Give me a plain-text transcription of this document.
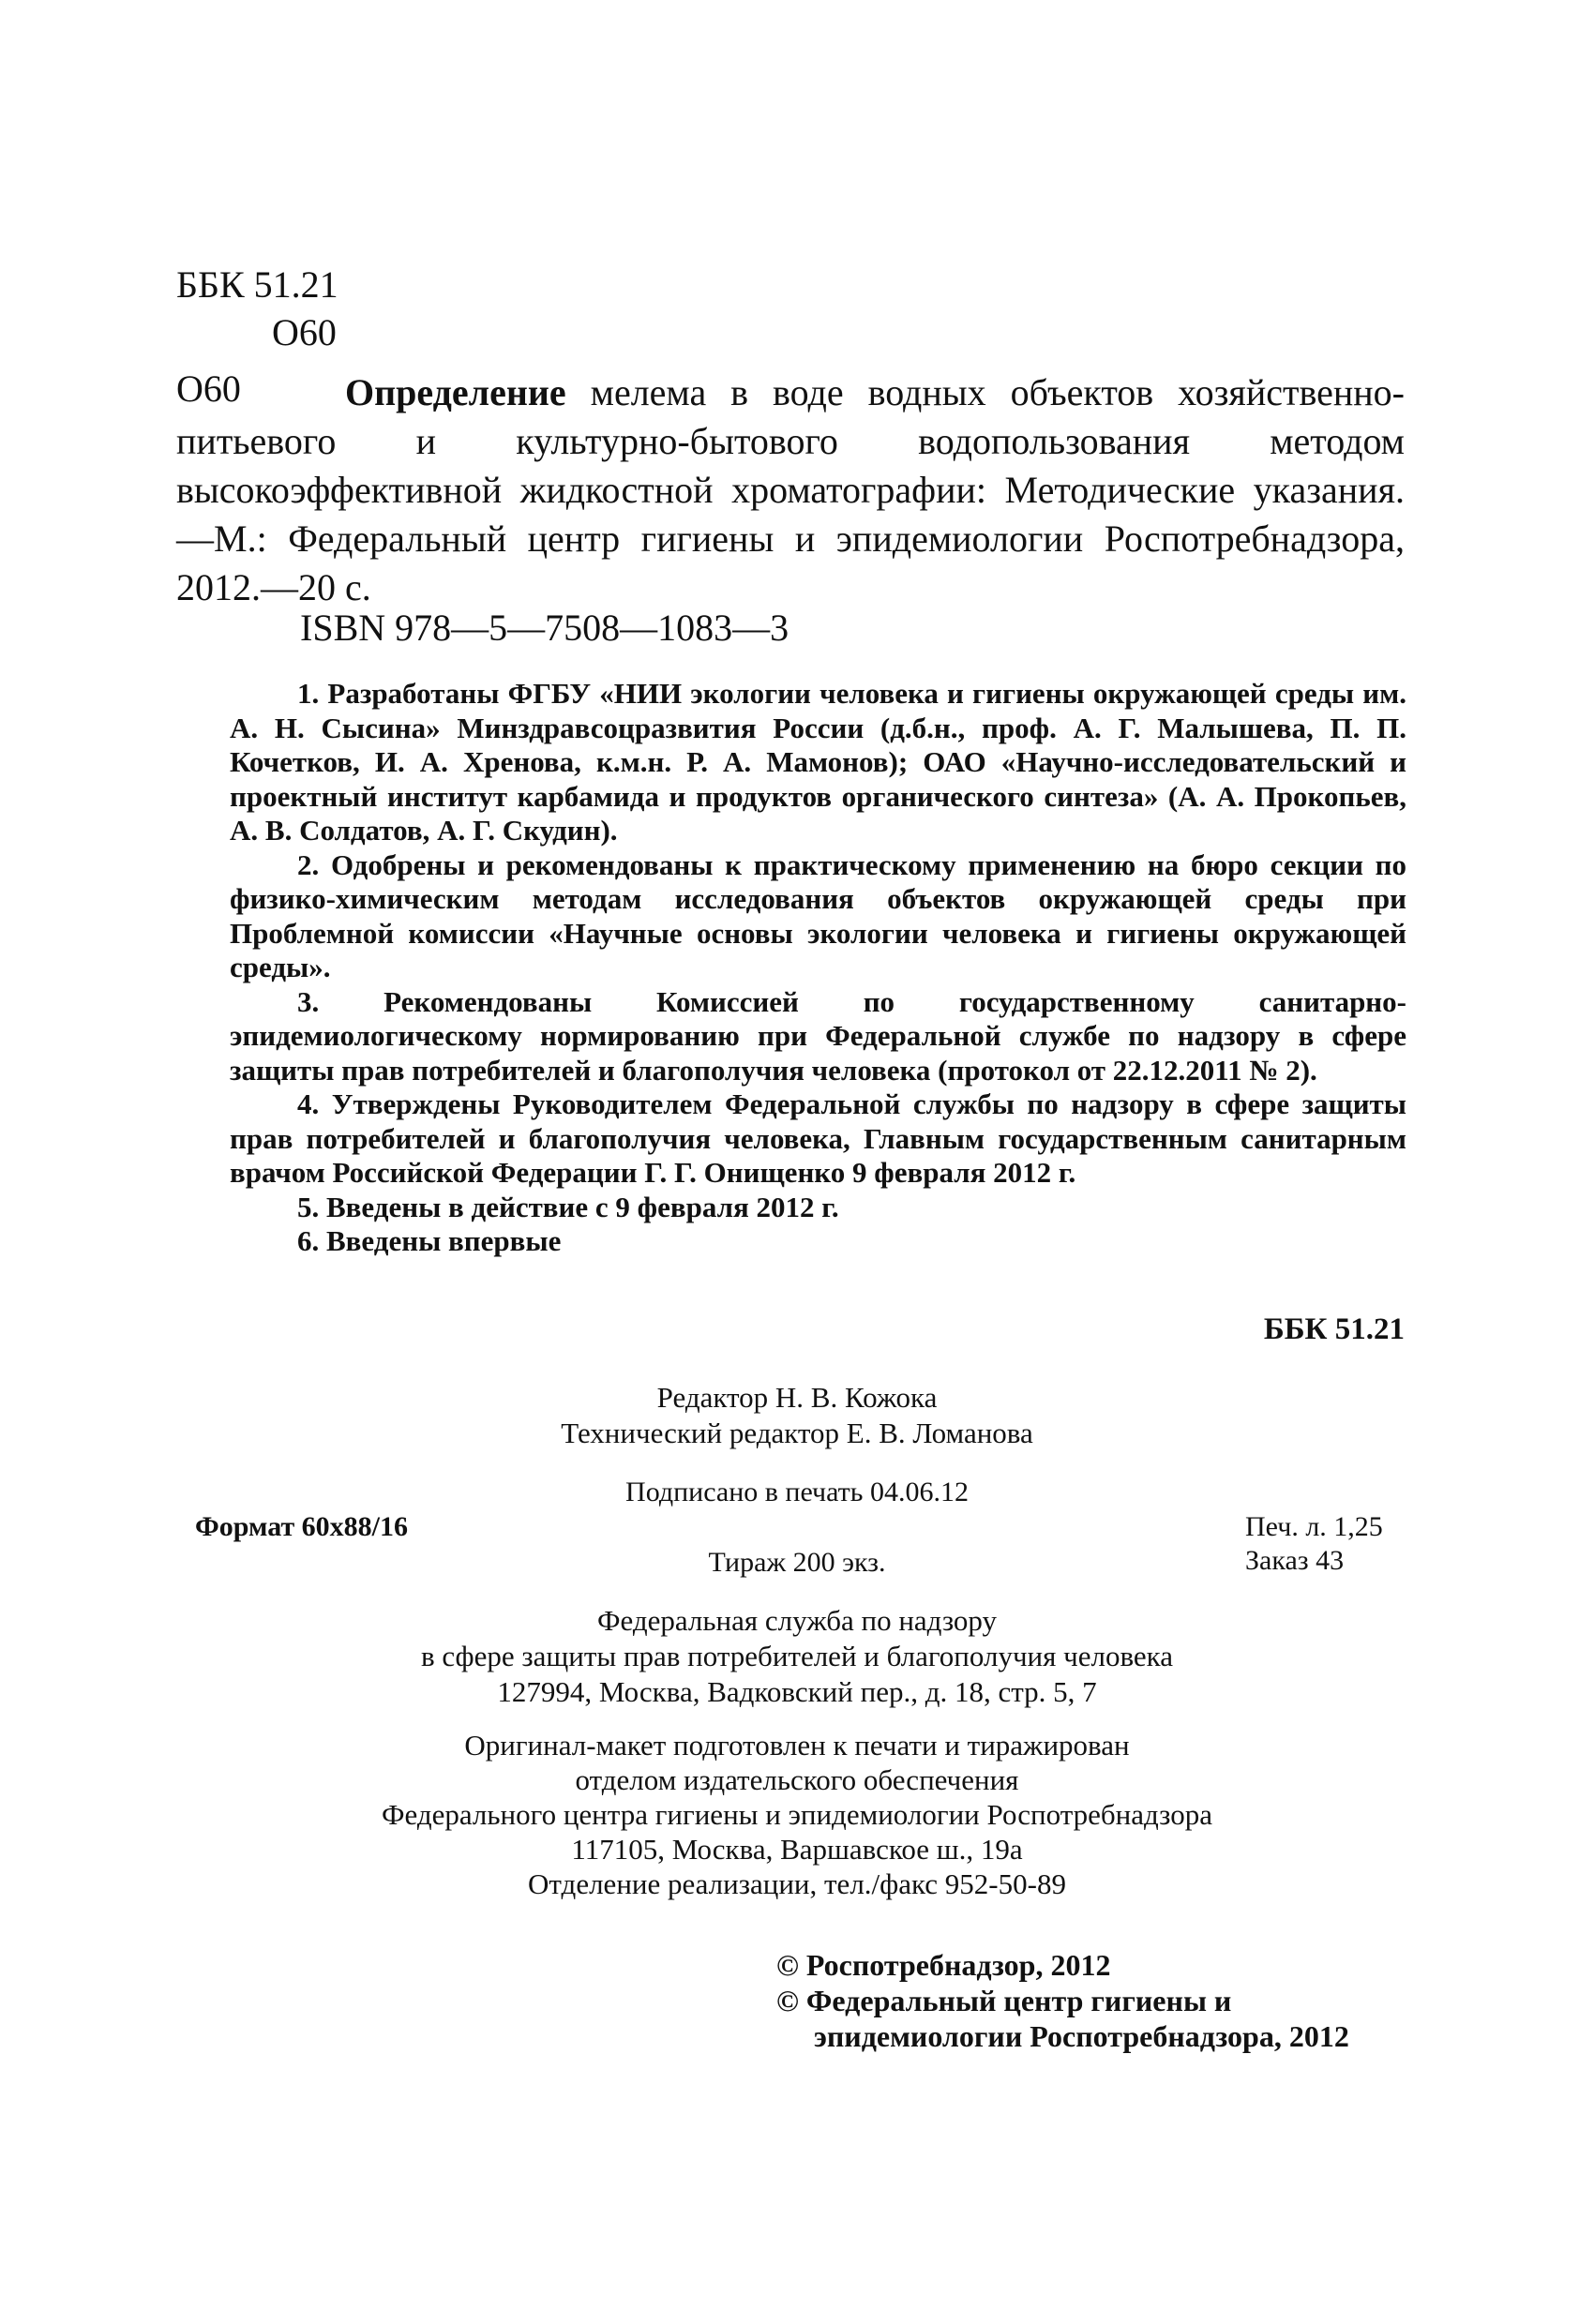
ББК 51.21
О60
Определение мелема в воде водных объектов хозяйственно-питьевого и культурно-бытового водопользования методом высокоэффективной жидкостной хроматографии: Методические указания.—М.: Федеральный центр гигиены и эпидемиологии Роспотребнадзора, 2012.—20 с.
О60
ISBN 978—5—7508—1083—3

1. Разработаны ФГБУ «НИИ экологии человека и гигиены окружающей среды им. А. Н. Сысина» Минздравсоцразвития России (д.б.н., проф. А. Г. Малышева, П. П. Кочетков, И. А. Хренова, к.м.н. Р. А. Мамонов); ОАО «Научно-исследовательский и проектный институт карбамида и продуктов органического синтеза» (А. А. Прокопьев, А. В. Солдатов, А. Г. Скудин).

2. Одобрены и рекомендованы к практическому применению на бюро секции по физико-химическим методам исследования объектов окружающей среды при Проблемной комиссии «Научные основы экологии человека и гигиены окружающей среды».

3. Рекомендованы Комиссией по государственному санитарно-эпидемиологическому нормированию при Федеральной службе по надзору в сфере защиты прав потребителей и благополучия человека (протокол от 22.12.2011 № 2).

4. Утверждены Руководителем Федеральной службы по надзору в сфере защиты прав потребителей и благополучия человека, Главным государственным санитарным врачом Российской Федерации Г. Г. Онищенко 9 февраля 2012 г.

5. Введены в действие с 9 февраля 2012 г.

6. Введены впервые

ББК 51.21
Редактор Н. В. Кожока
Технический редактор Е. В. Ломанова
Подписано в печать 04.06.12
Формат 60x88/16	Печ. л. 1,25
Тираж 200 экз.	Заказ 43
Федеральная служба по надзору
в сфере защиты прав потребителей и благополучия человека
127994, Москва, Вадковский пер., д. 18, стр. 5, 7
Оригинал-макет подготовлен к печати и тиражирован
отделом издательского обеспечения
Федерального центра гигиены и эпидемиологии Роспотребнадзора
117105, Москва, Варшавское ш., 19а
Отделение реализации, тел./факс 952-50-89
© Роспотребнадзор, 2012
© Федеральный центр гигиены и
эпидемиологии Роспотребнадзора, 2012
